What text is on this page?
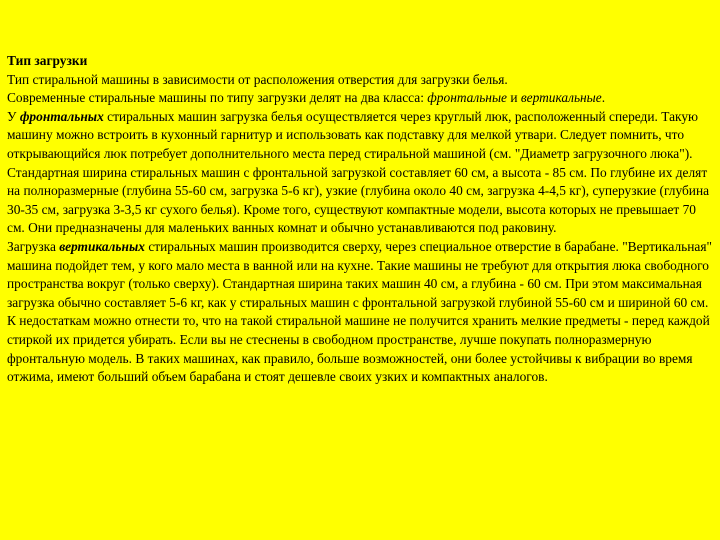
Тип загрузки

Тип стиральной машины в зависимости от расположения отверстия для загрузки белья.

Современные стиральные машины по типу загрузки делят на два класса: фронтальные и вертикальные.

У фронтальных стиральных машин загрузка белья осуществляется через круглый люк, расположенный спереди. Такую машину можно встроить в кухонный гарнитур и использовать как подставку для мелкой утвари. Следует помнить, что открывающийся люк потребует дополнительного места перед стиральной машиной (см. "Диаметр загрузочного люка").

Стандартная ширина стиральных машин с фронтальной загрузкой составляет 60 см, а высота - 85 см. По глубине их делят на полноразмерные (глубина 55-60 см, загрузка 5-6 кг), узкие (глубина около 40 см, загрузка 4-4,5 кг), суперузкие (глубина 30-35 см, загрузка 3-3,5 кг сухого белья). Кроме того, существуют компактные модели, высота которых не превышает 70 см. Они предназначены для маленьких ванных комнат и обычно устанавливаются под раковину.

Загрузка вертикальных стиральных машин производится сверху, через специальное отверстие в барабане. "Вертикальная" машина подойдет тем, у кого мало места в ванной или на кухне. Такие машины не требуют для открытия люка свободного пространства вокруг (только сверху). Стандартная ширина таких машин 40 см, а глубина - 60 см. При этом максимальная загрузка обычно составляет 5-6 кг, как у стиральных машин с фронтальной загрузкой глубиной 55-60 см и шириной 60 см.

К недостаткам можно отнести то, что на такой стиральной машине не получится хранить мелкие предметы - перед каждой стиркой их придется убирать. Если вы не стеснены в свободном пространстве, лучше покупать полноразмерную фронтальную модель. В таких машинах, как правило, больше возможностей, они более устойчивы к вибрации во время отжима, имеют больший объем барабана и стоят дешевле своих узких и компактных аналогов.
